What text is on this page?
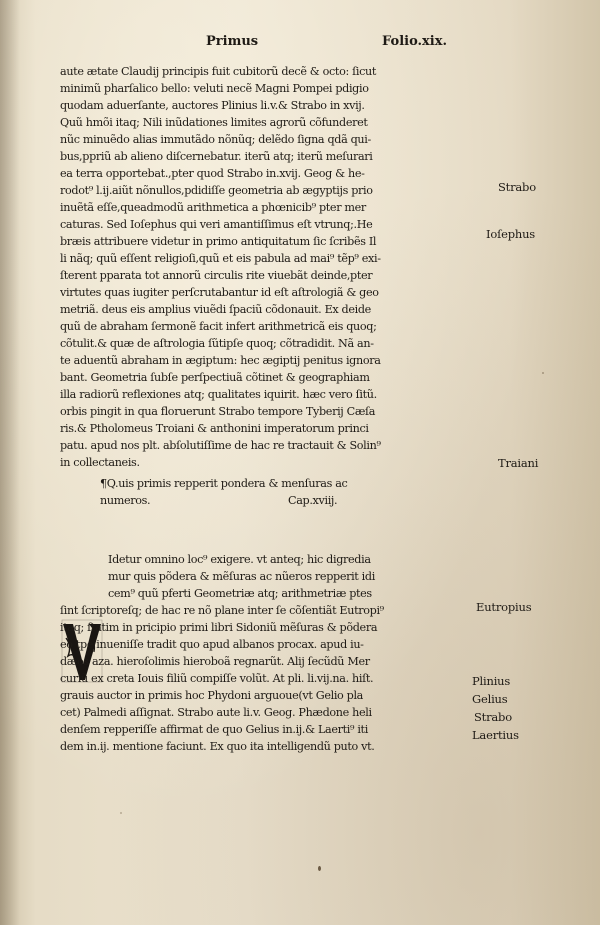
Primus	Folio.xix.
aute ætate Claudij principis fuit cubitorũ decẽ & octo: ſicut
minimũ pharſalico bello: veluti necẽ Magni Pompei pdigio
quodam aduerſante, auctores Plinius li.v.& Strabo in xvij.
Quũ hmõi itaq; Nili inũdationes limites agrorũ cõfunderet
nũc minuẽdo alias immutãdo nõnũq; delẽdo ſigna qdã qui-
bus,ppriũ ab alieno diſcernebatur. iterũ atq; iterũ meſurari
ea terra opportebat.,pter quod Strabo in.xvij. Geog & he-
rodot⁹ l.ij.aiũt nõnullos,pdidiſſe geometria ab ægyptijs prio
inuẽtã eſſe,queadmodũ arithmetica a phœnicib⁹ pter mer
caturas. Sed Ioſephus qui veri amantiſſimus eſt vtrunq;.He
bræis attribuere videtur in primo antiquitatum ſic ſcribẽs Il
li nãq; quũ eſſent religioſi,quũ et eis pabula ad mai⁹ tẽp⁹ exi-
ſterent pparata tot annorũ circulis rite viuebãt deinde,pter
virtutes quas iugiter perſcrutabantur id eſt aſtrologiã & geo
metriã. deus eis amplius viuẽdi ſpaciũ cõdonauit. Ex deide
quũ de abraham ſermonẽ facit infert arithmetricã eis quoq;
cõtulit.& quæ de aſtrologia ſũtipſe quoq; cõtradidit. Nã an-
te aduentũ abraham in ægiptum: hec ægiptij penitus ignora
bant. Geometria ſubſe perſpectiuã cõtinet & geographiam
illa radiorũ reflexiones atq; qualitates iquirit. hæc vero ſitũ.
orbis pingit in qua floruerunt Strabo tempore Tyberij Cæſa
ris.& Ptholomeus Troiani & anthonini imperatorum princi
patu. apud nos plt. abſolutiſſime de hac re tractauit & Solin⁹
in collectaneis.
¶Q.uis primis repperit pondera & menſuras ac
numeros.	Cap.xviij.
Idetur omnino loc⁹ exigere. vt anteq; hic digredia
mur quis põdera & mẽſuras ac nũeros repperit idi
cem⁹ quũ pferti Geometriæ atq; arithmetriæ ptes
ſint ſcriptoreſq; de hac re nõ plane inter ſe cõſentiãt Eutropi⁹
itaq; ſtatim in pricipio primi libri Sidoniũ mẽſuras & põdera
eo tpe inueniſſe tradit quo apud albanos procax. apud iu-
dæos aza. hieroſolimis hieroboã regnarũt. Alij ſecũdũ Mer
curiũ ex creta Iouis filiũ compiſſe volũt. At pli. li.vij.na. hiſt.
grauis auctor in primis hoc Phydoni arguoue(vt Gelio pla
cet) Palmedi aſſignat. Strabo aute li.v. Geog. Phædone heli
denſem repperiſſe affirmat de quo Gelius in.ij.& Laerti⁹ iti
dem in.ij. mentione faciunt. Ex quo ita intelligendũ puto vt.
Strabo
Ioſephus
Traiani
Eutropius
Plinius
Gelius
Strabo
Laertius
